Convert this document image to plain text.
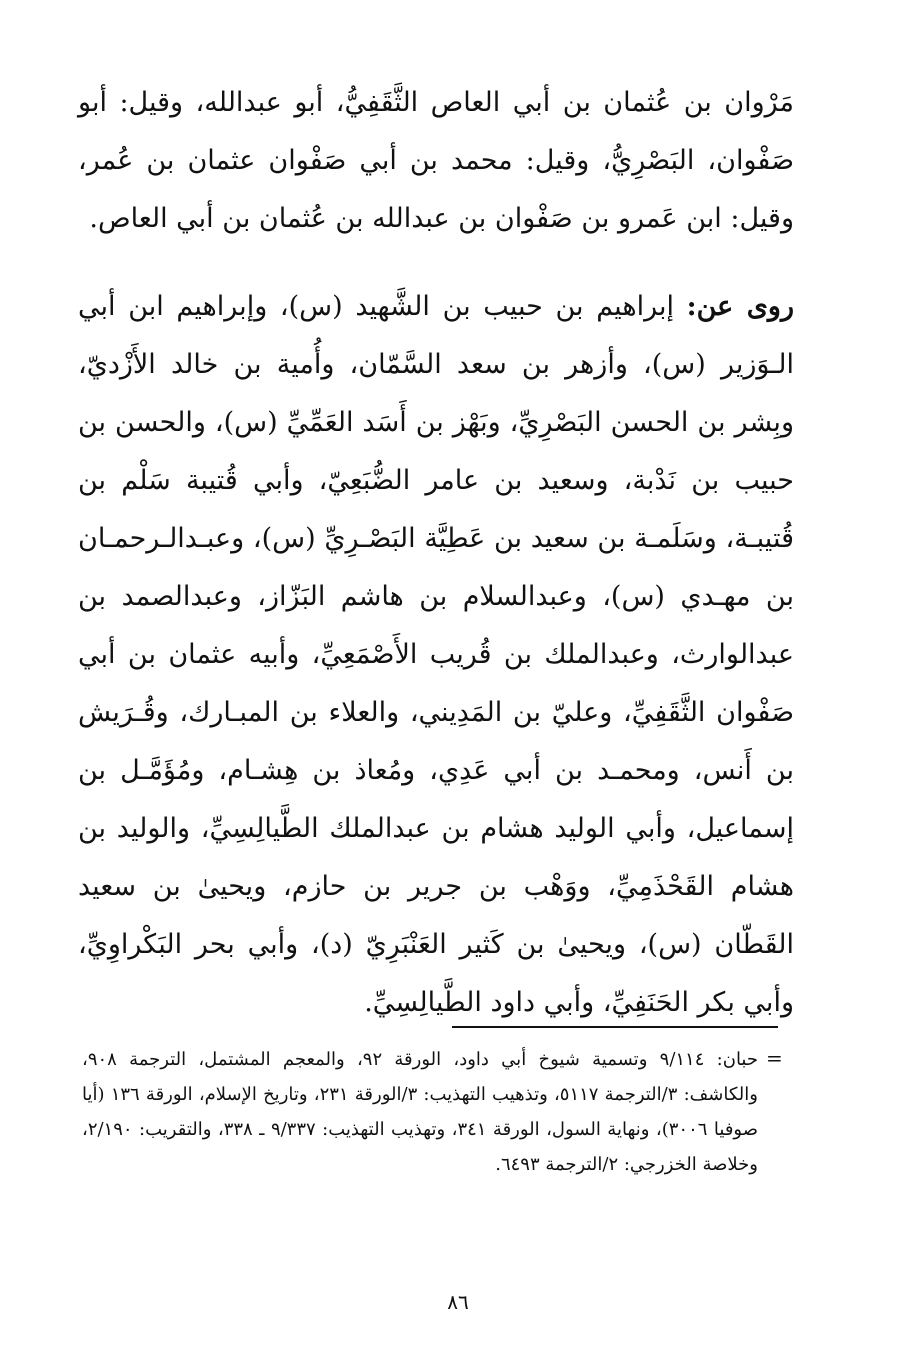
مَرْوان بن عُثمان بن أبي العاص الثَّقَفِيُّ، أبو عبدالله، وقيل: أبو صَفْوان، البَصْرِيُّ، وقيل: محمد بن أبي صَفْوان عثمان بن عُمر، وقيل: ابن عَمرو بن صَفْوان بن عبدالله بن عُثمان بن أبي العاص.
روى عن: إبراهيم بن حبيب بن الشَّهيد (س)، وإبراهيم ابن أبي الـوَزير (س)، وأزهر بن سعد السَّمّان، وأُمية بن خالد الأَزْديّ، وبِشر بن الحسن البَصْرِيِّ، وبَهْز بن أَسَد العَمِّيِّ (س)، والحسن بن حبيب بن نَدْبة، وسعيد بن عامر الضُّبَعِيّ، وأبي قُتيبة سَلْم بن قُتيبـة، وسَلَمـة بن سعيد بن عَطِيَّة البَصْـرِيِّ (س)، وعبـدالـرحمـان بن مهـدي (س)، وعبدالسلام بن هاشم البَزّاز، وعبدالصمد بن عبدالوارث، وعبدالملك بن قُريب الأَصْمَعِيِّ، وأبيه عثمان بن أبي صَفْوان الثَّقَفِيِّ، وعليّ بن المَدِيني، والعلاء بن المبـارك، وقُـرَيش بن أَنس، ومحمـد بن أبي عَدِي، ومُعاذ بن هِشـام، ومُؤَمَّـل بن إسماعيل، وأبي الوليد هشام بن عبدالملك الطَّيالِسِيِّ، والوليد بن هشام القَحْذَمِيِّ، ووَهْب بن جرير بن حازم، ويحيىٰ بن سعيد القَطّان (س)، ويحيىٰ بن كَثير العَنْبَرِيّ (د)، وأبي بحر البَكْراوِيِّ، وأبي بكر الحَنَفِيِّ، وأبي داود الطَّيالِسِيِّ.
=
حبان: ٩/١١٤ وتسمية شيوخ أبي داود، الورقة ٩٢، والمعجم المشتمل، الترجمة ٩٠٨، والكاشف: ٣/الترجمة ٥١١٧، وتذهيب التهذيب: ٣/الورقة ٢٣١، وتاريخ الإسلام، الورقة ١٣٦ (أيا صوفيا ٣٠٠٦)، ونهاية السول، الورقة ٣٤١، وتهذيب التهذيب: ٩/٣٣٧ ـ ٣٣٨، والتقريب: ٢/١٩٠، وخلاصة الخزرجي: ٢/الترجمة ٦٤٩٣.
٨٦
